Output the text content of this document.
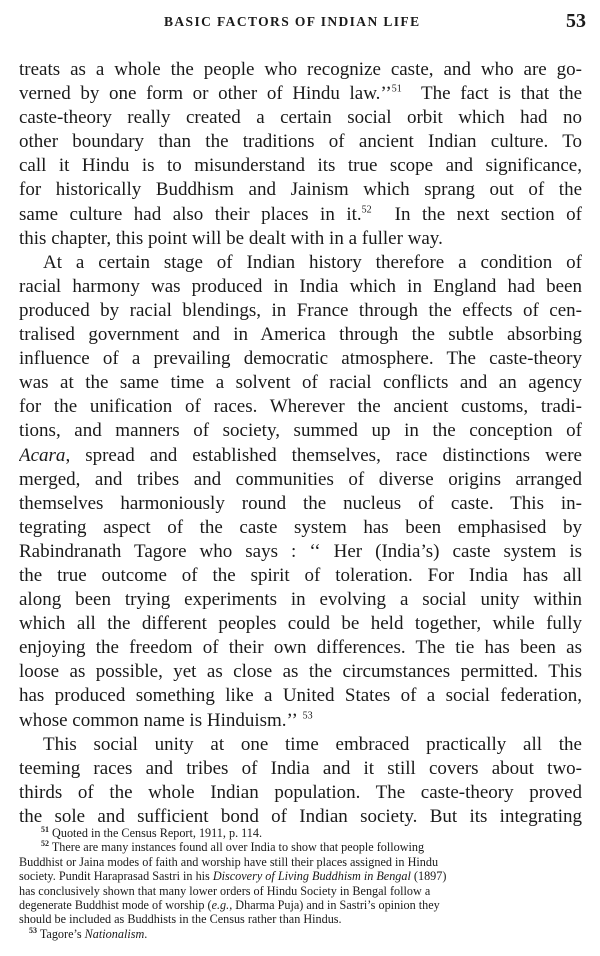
BASIC FACTORS OF INDIAN LIFE	53
treats as a whole the people who recognize caste, and who are go-
verned by one form or other of Hindu law.’’$^{51}$ The fact is that the
caste-theory really created a certain social orbit which had no
other boundary than the traditions of ancient Indian culture. To
call it Hindu is to misunderstand its true scope and significance,
for historically Buddhism and Jainism which sprang out of the
same culture had also their places in it.$^{52}$ In the next section of
this chapter, this point will be dealt with in a fuller way.
At a certain stage of Indian history therefore a condition of
racial harmony was produced in India which in England had been
produced by racial blendings, in France through the effects of cen-
tralised government and in America through the subtle absorbing
influence of a prevailing democratic atmosphere. The caste-theory
was at the same time a solvent of racial conflicts and an agency
for the unification of races. Wherever the ancient customs, tradi-
tions, and manners of society, summed up in the conception of
Acara, spread and established themselves, race distinctions were
merged, and tribes and communities of diverse origins arranged
themselves harmoniously round the nucleus of caste. This in-
tegrating aspect of the caste system has been emphasised by
Rabindranath Tagore who says : ‘‘ Her (India’s) caste system is
the true outcome of the spirit of toleration. For India has all
along been trying experiments in evolving a social unity within
which all the different peoples could be held together, while fully
enjoying the freedom of their own differences. The tie has been as
loose as possible, yet as close as the circumstances permitted. This
has produced something like a United States of a social federation,
whose common name is Hinduism.’’ $^{53}$
This social unity at one time embraced practically all the
teeming races and tribes of India and it still covers about two-
thirds of the whole Indian population. The caste-theory proved
the sole and sufficient bond of Indian society. But its integrating
$^{51}$ Quoted in the Census Report, 1911, p. 114.
$^{52}$ There are many instances found all over India to show that people following
Buddhist or Jaina modes of faith and worship have still their places assigned in Hindu
society. Pundit Haraprasad Sastri in his Discovery of Living Buddhism in Bengal (1897)
has conclusively shown that many lower orders of Hindu Society in Bengal follow a
degenerate Buddhist mode of worship (e.g., Dharma Puja) and in Sastri’s opinion they
should be included as Buddhists in the Census rather than Hindus.
$^{53}$ Tagore’s Nationalism.
